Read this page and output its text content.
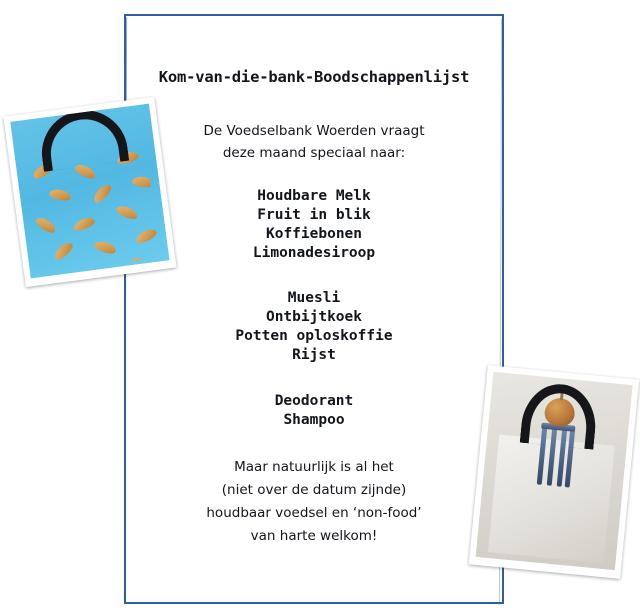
Kom-van-die-bank-Boodschappenlijst
De Voedselbank Woerden vraagt
deze maand speciaal naar:
Houdbare Melk
Fruit in blik
Koffiebonen
Limonadesiroop
Muesli
Ontbijtkoek
Potten oploskoffie
Rijst
Deodorant
Shampoo
Maar natuurlijk is al het
(niet over de datum zijnde)
houdbaar voedsel en ‘non-food’
van harte welkom!
